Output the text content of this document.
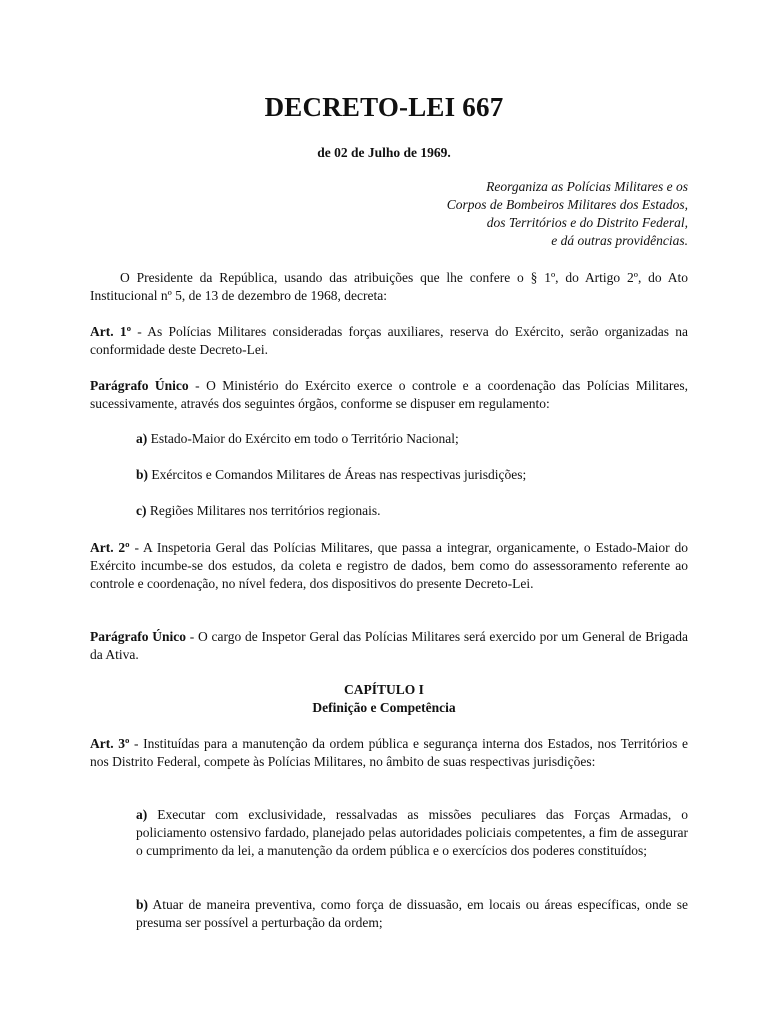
DECRETO-LEI 667
de 02 de Julho de 1969.
Reorganiza as Polícias Militares e os
Corpos de Bombeiros Militares dos Estados,
dos Territórios e do Distrito Federal,
e dá outras providências.
O Presidente da República, usando das atribuições que lhe confere o § 1º, do Artigo 2º, do Ato Institucional nº 5, de 13 de dezembro de 1968, decreta:
Art. 1º - As Polícias Militares consideradas forças auxiliares, reserva do Exército, serão organizadas na conformidade deste Decreto-Lei.
Parágrafo Único - O Ministério do Exército exerce o controle e a coordenação das Polícias Militares, sucessivamente, através dos seguintes órgãos, conforme se dispuser em regulamento:
a) Estado-Maior do Exército em todo o Território Nacional;
b) Exércitos e Comandos Militares de Áreas nas respectivas jurisdições;
c) Regiões Militares nos territórios regionais.
Art. 2º - A Inspetoria Geral das Polícias Militares, que passa a integrar, organicamente, o Estado-Maior do Exército incumbe-se dos estudos, da coleta e registro de dados, bem como do assessoramento referente ao controle e coordenação, no nível federa, dos dispositivos do presente Decreto-Lei.
Parágrafo Único - O cargo de Inspetor Geral das Polícias Militares será exercido por um General de Brigada da Ativa.
CAPÍTULO I
Definição e Competência
Art. 3º - Instituídas para a manutenção da ordem pública e segurança interna dos Estados, nos Territórios e nos Distrito Federal, compete às Polícias Militares, no âmbito de suas respectivas jurisdições:
a) Executar com exclusividade, ressalvadas as missões peculiares das Forças Armadas, o policiamento ostensivo fardado, planejado pelas autoridades policiais competentes, a fim de assegurar o cumprimento da lei, a manutenção da ordem pública e o exercícios dos poderes constituídos;
b) Atuar de maneira preventiva, como força de dissuasão, em locais ou áreas específicas, onde se presuma ser possível a perturbação da ordem;
